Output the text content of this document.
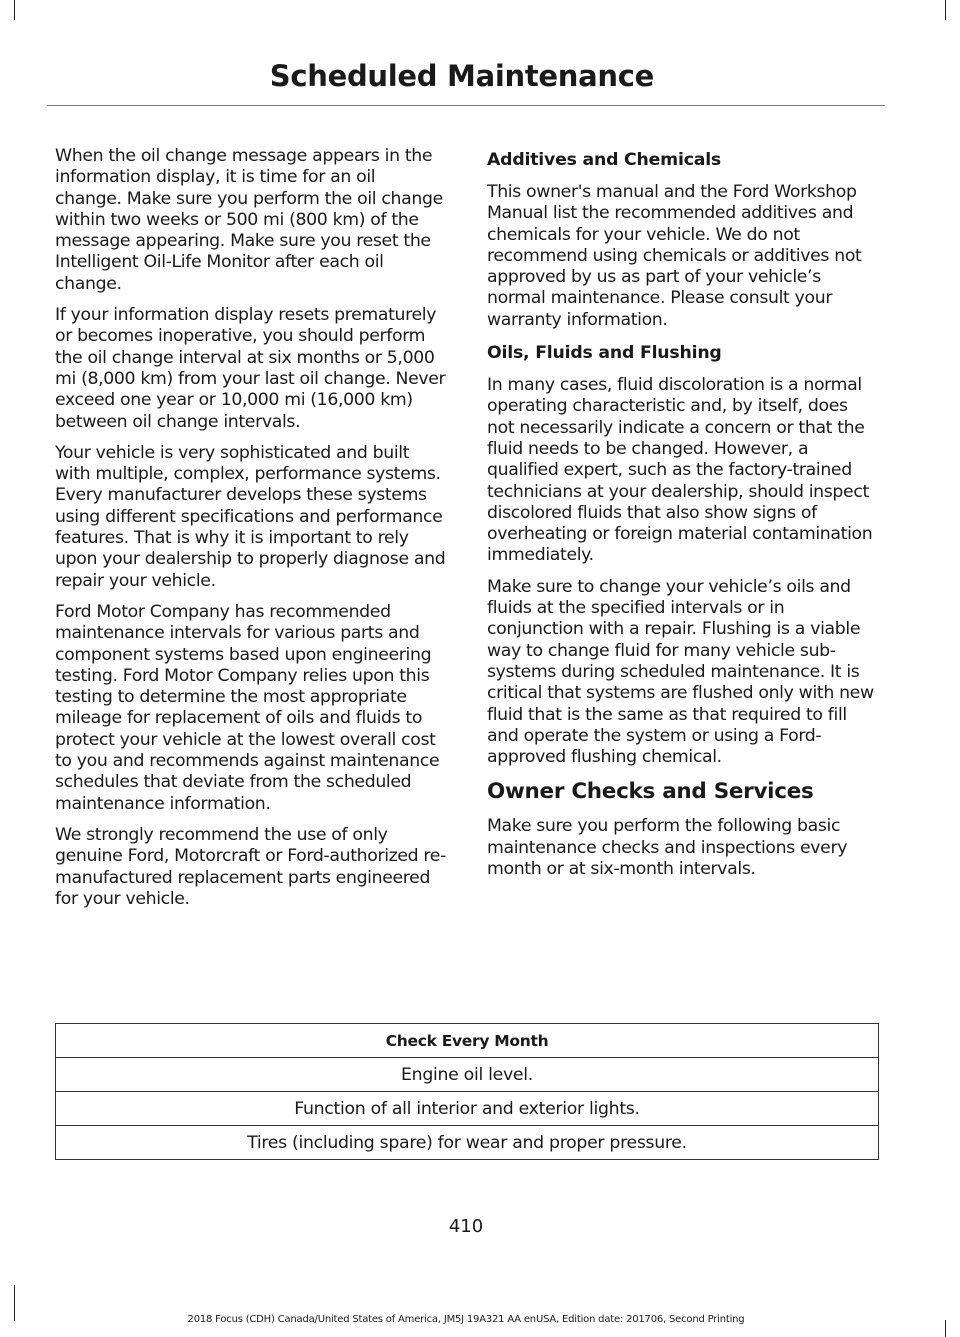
Scheduled Maintenance

When the oil change message appears in the information display, it is time for an oil change. Make sure you perform the oil change within two weeks or 500 mi (800 km) of the message appearing. Make sure you reset the Intelligent Oil-Life Monitor after each oil change.

If your information display resets prematurely or becomes inoperative, you should perform the oil change interval at six months or 5,000 mi (8,000 km) from your last oil change. Never exceed one year or 10,000 mi (16,000 km) between oil change intervals.

Your vehicle is very sophisticated and built with multiple, complex, performance systems. Every manufacturer develops these systems using different specifications and performance features. That is why it is important to rely upon your dealership to properly diagnose and repair your vehicle.

Ford Motor Company has recommended maintenance intervals for various parts and component systems based upon engineering testing. Ford Motor Company relies upon this testing to determine the most appropriate mileage for replacement of oils and fluids to protect your vehicle at the lowest overall cost to you and recommends against maintenance schedules that deviate from the scheduled maintenance information.

We strongly recommend the use of only genuine Ford, Motorcraft or Ford-authorized re-manufactured replacement parts engineered for your vehicle.

Additives and Chemicals

This owner's manual and the Ford Workshop Manual list the recommended additives and chemicals for your vehicle. We do not recommend using chemicals or additives not approved by us as part of your vehicle’s normal maintenance. Please consult your warranty information.

Oils, Fluids and Flushing

In many cases, fluid discoloration is a normal operating characteristic and, by itself, does not necessarily indicate a concern or that the fluid needs to be changed. However, a qualified expert, such as the factory-trained technicians at your dealership, should inspect discolored fluids that also show signs of overheating or foreign material contamination immediately.

Make sure to change your vehicle’s oils and fluids at the specified intervals or in conjunction with a repair. Flushing is a viable way to change fluid for many vehicle sub-systems during scheduled maintenance. It is critical that systems are flushed only with new fluid that is the same as that required to fill and operate the system or using a Ford-approved flushing chemical.

Owner Checks and Services

Make sure you perform the following basic maintenance checks and inspections every month or at six-month intervals.

Check Every Month
Engine oil level.
Function of all interior and exterior lights.
Tires (including spare) for wear and proper pressure.
410
2018 Focus (CDH) Canada/United States of America, JM5J 19A321 AA enUSA, Edition date: 201706, Second Printing
